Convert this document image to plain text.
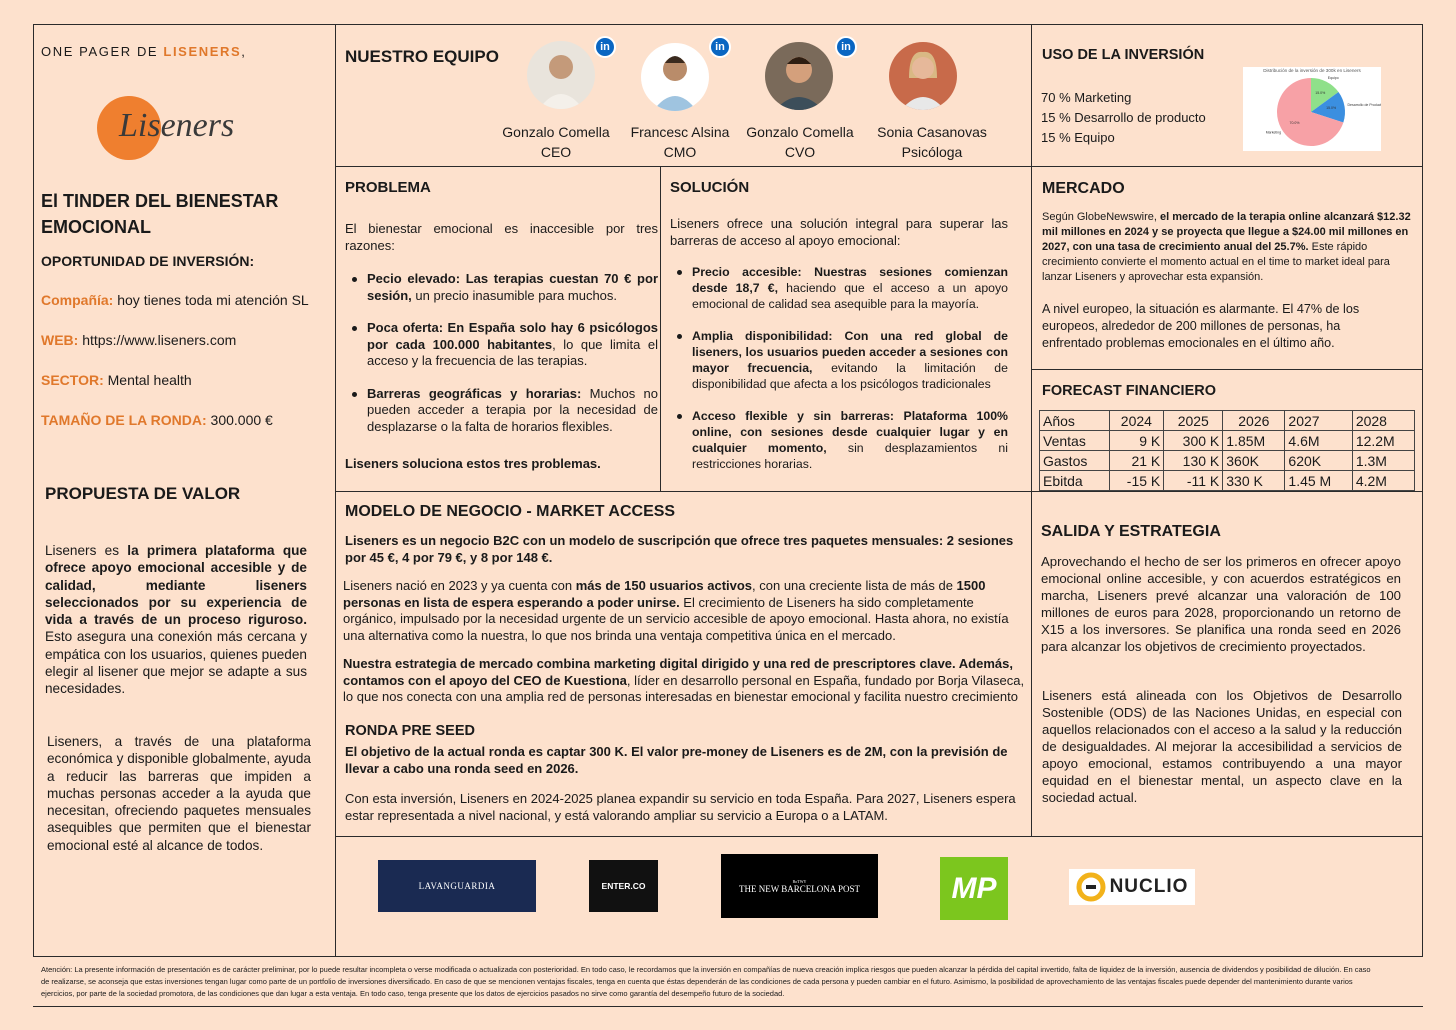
ONE PAGER DE LISENERS,
Liseners
El TINDER DEL BIENESTAR EMOCIONAL
OPORTUNIDAD DE INVERSIÓN:
Compañía: hoy tienes toda mi atención SL
WEB: https://www.liseners.com
SECTOR: Mental health
TAMAÑO DE LA RONDA: 300.000 €
PROPUESTA DE VALOR
Liseners es la primera plataforma que ofrece apoyo emocional accesible y de calidad, mediante liseners seleccionados por su experiencia de vida a través de un proceso riguroso. Esto asegura una conexión más cercana y empática con los usuarios, quienes pueden elegir al lisener que mejor se adapte a sus necesidades.
Liseners, a través de una plataforma económica y disponible globalmente, ayuda a reducir las barreras que impiden a muchas personas acceder a la ayuda que necesitan, ofreciendo paquetes mensuales asequibles que permiten que el bienestar emocional esté al alcance de todos.
NUESTRO EQUIPO	in	in	in
Gonzalo Comella
CEO
Francesc Alsina
CMO
Gonzalo Comella
CVO
Sonia Casanovas
Psicóloga
USO DE LA INVERSIÓN
70 % Marketing
15 % Desarrollo de producto
15 % Equipo
Distribución de la inversión de 300k en Liseners
15.0%
Equipo
15.0%
Desarrollo de Producto
70.0%
Marketing
PROBLEMA
El bienestar emocional es inaccesible por tres razones:
Pecio elevado: Las terapias cuestan 70 € por sesión, un precio inasumible para muchos.
Poca oferta: En España solo hay 6 psicólogos por cada 100.000 habitantes, lo que limita el acceso y la frecuencia de las terapias.
Barreras geográficas y horarias: Muchos no pueden acceder a terapia por la necesidad de desplazarse o la falta de horarios flexibles.
Liseners soluciona estos tres problemas.
SOLUCIÓN
Liseners ofrece una solución integral para superar las barreras de acceso al apoyo emocional:
Precio accesible: Nuestras sesiones comienzan desde 18,7 €, haciendo que el acceso a un apoyo emocional de calidad sea asequible para la mayoría.
Amplia disponibilidad: Con una red global de liseners, los usuarios pueden acceder a sesiones con mayor frecuencia, evitando la limitación de disponibilidad que afecta a los psicólogos tradicionales
Acceso flexible y sin barreras: Plataforma 100% online, con sesiones desde cualquier lugar y en cualquier momento, sin desplazamientos ni restricciones horarias.
MERCADO
Según GlobeNewswire, el mercado de la terapia online alcanzará $12.32 mil millones en 2024 y se proyecta que llegue a $24.00 mil millones en 2027, con una tasa de crecimiento anual del 25.7%. Este rápido crecimiento convierte el momento actual en el time to market ideal para lanzar Liseners y aprovechar esta expansión.
A nivel europeo, la situación es alarmante. El 47% de los europeos, alrededor de 200 millones de personas, ha enfrentado problemas emocionales en el último año.
FORECAST FINANCIERO
Años	2024	2025	2026	2027	2028
Ventas	9 K	300 K	1.85M	4.6M	12.2M
Gastos	21 K	130 K	360K	620K	1.3M
Ebitda	-15 K	-11 K	330 K	1.45 M	4.2M
MODELO DE NEGOCIO - MARKET ACCESS
Liseners es un negocio B2C con un modelo de suscripción que ofrece tres paquetes mensuales: 2 sesiones por 45 €, 4 por 79 €, y 8 por 148 €.
Liseners nació en 2023 y ya cuenta con más de 150 usuarios activos, con una creciente lista de más de 1500 personas en lista de espera esperando a poder unirse. El crecimiento de Liseners ha sido completamente orgánico, impulsado por la necesidad urgente de un servicio accesible de apoyo emocional. Hasta ahora, no existía una alternativa como la nuestra, lo que nos brinda una ventaja competitiva única en el mercado.
Nuestra estrategia de mercado combina marketing digital dirigido y una red de prescriptores clave. Además, contamos con el apoyo del CEO de Kuestiona, líder en desarrollo personal en España, fundado por Borja Vilaseca, lo que nos conecta con una amplia red de personas interesadas en bienestar emocional y facilita nuestro crecimiento
RONDA PRE SEED
El objetivo de la actual ronda es captar 300 K. El valor pre-money de Liseners es de 2M, con la previsión de llevar a cabo una ronda seed en 2026.
Con esta inversión, Liseners en 2024-2025 planea expandir su servicio en toda España. Para 2027, Liseners espera estar representada a nivel nacional, y está valorando ampliar su servicio a Europa o a LATAM.
SALIDA Y ESTRATEGIA
Aprovechando el hecho de ser los primeros en ofrecer apoyo emocional online accesible, y con acuerdos estratégicos en marcha, Liseners prevé alcanzar una valoración de 100 millones de euros para 2028, proporcionando un retorno de X15 a los inversores. Se planifica una ronda seed en 2026 para alcanzar los objetivos de crecimiento proyectados.
Liseners está alineada con los Objetivos de Desarrollo Sostenible (ODS) de las Naciones Unidas, en especial con aquellos relacionados con el acceso a la salud y la reducción de desigualdades. Al mejorar la accesibilidad a servicios de apoyo emocional, estamos contribuyendo a una mayor equidad en el bienestar mental, un aspecto clave en la sociedad actual.
LAVANGUARDIA	ENTER.CO	BoTWY
THE NEW BARCELONA POST	MP	NUCLIO
Atención: La presente información de presentación es de carácter preliminar, por lo puede resultar incompleta o verse modificada o actualizada con posterioridad. En todo caso, le recordamos que la inversión en compañías de nueva creación implica riesgos que pueden alcanzar la pérdida del capital invertido, falta de liquidez de la inversión, ausencia de dividendos y posibilidad de dilución. En caso de realizarse, se aconseja que estas inversiones tengan lugar como parte de un portfolio de inversiones diversificado. En caso de que se mencionen ventajas fiscales, tenga en cuenta que éstas dependerán de las condiciones de cada persona y pueden cambiar en el futuro. Asimismo, la posibilidad de aprovechamiento de las ventajas fiscales puede depender del mantenimiento durante varios ejercicios, por parte de la sociedad promotora, de las condiciones que dan lugar a esta ventaja. En todo caso, tenga presente que los datos de ejercicios pasados no sirve como garantía del desempeño futuro de la sociedad.
